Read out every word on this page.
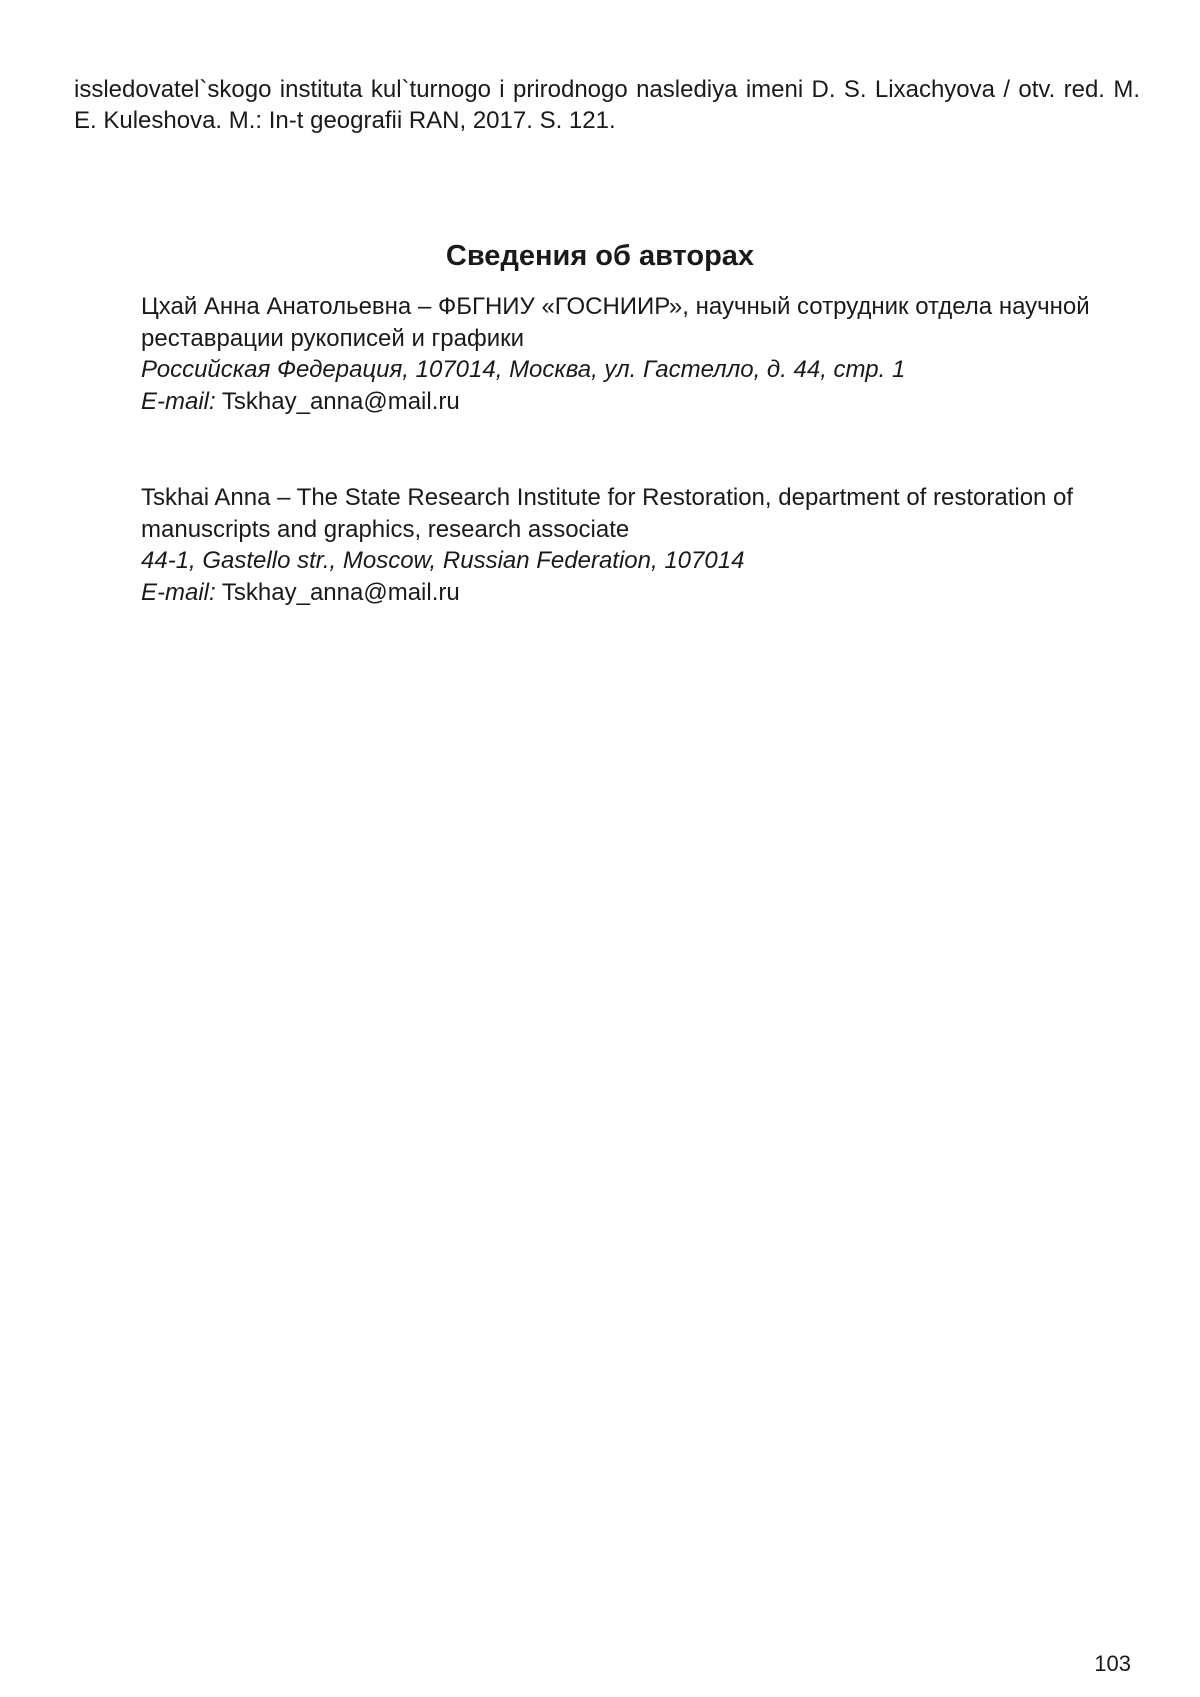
issledovatel`skogo instituta kul`turnogo i prirodnogo naslediya imeni D. S. Lixachyova / otv. red. M. E. Kuleshova. M.: In-t geografii RAN, 2017. S. 121.
Сведения об авторах

Цхай Анна Анатольевна – ФБГНИУ «ГОСНИИР», научный сотрудник отдела научной реставрации рукописей и графики

Российская Федерация, 107014, Москва, ул. Гастелло, д. 44, стр. 1

E-mail: Tskhay_anna@mail.ru

Tskhai Anna – The State Research Institute for Restoration, department of restoration of manuscripts and graphics, research associate

44-1, Gastello str., Moscow, Russian Federation, 107014

E-mail: Tskhay_anna@mail.ru

103
